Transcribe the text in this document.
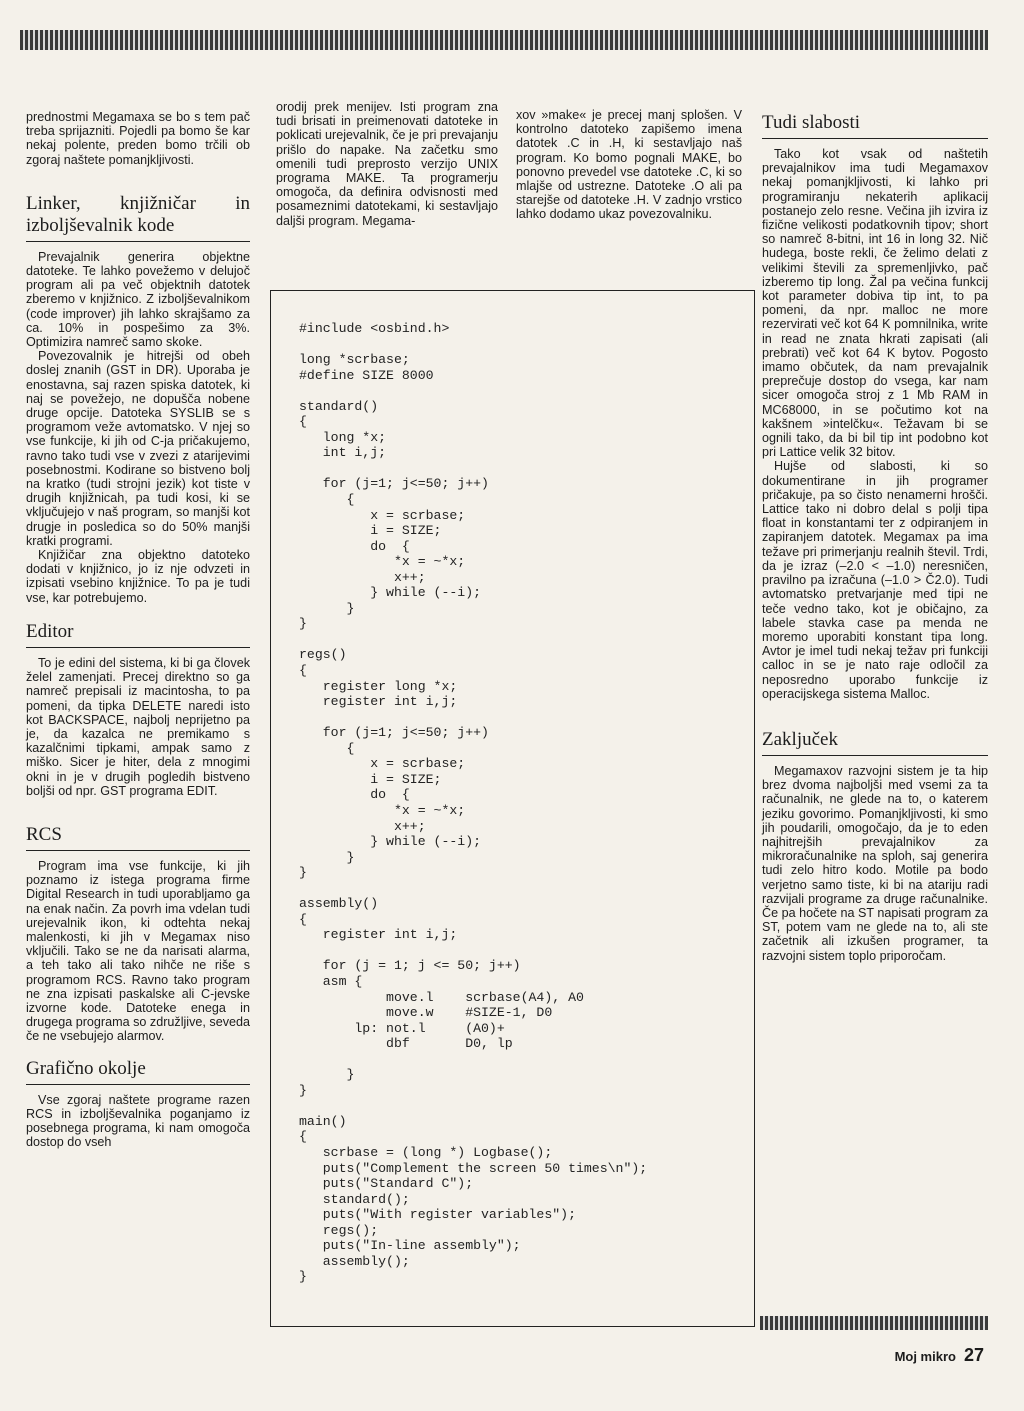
prednostmi Megamaxa se bo s tem pač treba sprijazniti. Pojedli pa bomo še kar nekaj polente, preden bomo trčili ob zgoraj naštete pomanjkljivosti.

Linker, knjižničar in izboljševalnik kode

Prevajalnik generira objektne datoteke. Te lahko povežemo v delujoč program ali pa več objektnih datotek zberemo v knjižnico. Z izboljševalnikom (code improver) jih lahko skrajšamo za ca. 10% in pospešimo za 3%. Optimizira namreč samo skoke.

Povezovalnik je hitrejši od obeh doslej znanih (GST in DR). Uporaba je enostavna, saj razen spiska datotek, ki naj se povežejo, ne dopušča nobene druge opcije. Datoteka SYSLIB se s programom veže avtomatsko. V njej so vse funkcije, ki jih od C-ja pričakujemo, ravno tako tudi vse v zvezi z atarijevimi posebnostmi. Kodirane so bistveno bolj na kratko (tudi strojni jezik) kot tiste v drugih knjižnicah, pa tudi kosi, ki se vključujejo v naš program, so manjši kot drugje in posledica so do 50% manjši kratki programi.

Knjižičar zna objektno datoteko dodati v knjižnico, jo iz nje odvzeti in izpisati vsebino knjižnice. To pa je tudi vse, kar potrebujemo.

Editor

To je edini del sistema, ki bi ga človek želel zamenjati. Precej direktno so ga namreč prepisali iz macintosha, to pa pomeni, da tipka DELETE naredi isto kot BACKSPACE, najbolj neprijetno pa je, da kazalca ne premikamo s kazalčnimi tipkami, ampak samo z miško. Sicer je hiter, dela z mnogimi okni in je v drugih pogledih bistveno boljši od npr. GST programa EDIT.

RCS

Program ima vse funkcije, ki jih poznamo iz istega programa firme Digital Research in tudi uporabljamo ga na enak način. Za povrh ima vdelan tudi urejevalnik ikon, ki odtehta nekaj malenkosti, ki jih v Megamax niso vključili. Tako se ne da narisati alarma, a teh tako ali tako nihče ne riše s programom RCS. Ravno tako program ne zna izpisati paskalske ali C-jevske izvorne kode. Datoteke enega in drugega programa so združljive, seveda če ne vsebujejo alarmov.

Grafično okolje

Vse zgoraj naštete programe razen RCS in izboljševalnika poganjamo iz posebnega programa, ki nam omogoča dostop do vseh

orodij prek menijev. Isti program zna tudi brisati in preimenovati datoteke in poklicati urejevalnik, če je pri prevajanju prišlo do napake. Na začetku smo omenili tudi preprosto verzijo UNIX programa MAKE. Ta programerju omogoča, da definira odvisnosti med posameznimi datotekami, ki sestavljajo daljši program. Megama-

xov »make« je precej manj splošen. V kontrolno datoteko zapišemo imena datotek .C in .H, ki sestavljajo naš program. Ko bomo pognali MAKE, bo ponovno prevedel vse datoteke .C, ki so mlajše od ustrezne. Datoteke .O ali pa starejše od datoteke .H. V zadnjo vrstico lahko dodamo ukaz povezovalniku.

Tudi slabosti

Tako kot vsak od naštetih prevajalnikov ima tudi Megamaxov nekaj pomanjkljivosti, ki lahko pri programiranju nekaterih aplikacij postanejo zelo resne. Večina jih izvira iz fizične velikosti podatkovnih tipov; short so namreč 8-bitni, int 16 in long 32. Nič hudega, boste rekli, če želimo delati z velikimi števili za spremenljivko, pač izberemo tip long. Žal pa večina funkcij kot parameter dobiva tip int, to pa pomeni, da npr. malloc ne more rezervirati več kot 64 K pomnilnika, write in read ne znata hkrati zapisati (ali prebrati) več kot 64 K bytov. Pogosto imamo občutek, da nam prevajalnik preprečuje dostop do vsega, kar nam sicer omogoča stroj z 1 Mb RAM in MC68000, in se počutimo kot na kakšnem »intelčku«. Težavam bi se ognili tako, da bi bil tip int podobno kot pri Lattice velik 32 bitov.

Hujše od slabosti, ki so dokumentirane in jih programer pričakuje, pa so čisto nenamerni hrošči. Lattice tako ni dobro delal s polji tipa float in konstantami ter z odpiranjem in zapiranjem datotek. Megamax pa ima težave pri primerjanju realnih števil. Trdi, da je izraz (–2.0 < –1.0) neresničen, pravilno pa izračuna (–1.0 > Č2.0). Tudi avtomatsko pretvarjanje med tipi ne teče vedno tako, kot je običajno, za labele stavka case pa menda ne moremo uporabiti konstant tipa long. Avtor je imel tudi nekaj težav pri funkciji calloc in se je nato raje odločil za neposredno uporabo funkcije iz operacijskega sistema Malloc.

Zaključek

Megamaxov razvojni sistem je ta hip brez dvoma najboljši med vsemi za ta računalnik, ne glede na to, o katerem jeziku govorimo. Pomanjkljivosti, ki smo jih poudarili, omogočajo, da je to eden najhitrejših prevajalnikov za mikroračunalnike na sploh, saj generira tudi zelo hitro kodo. Motile pa bodo verjetno samo tiste, ki bi na atariju radi razvijali programe za druge računalnike. Če pa hočete na ST napisati program za ST, potem vam ne glede na to, ali ste začetnik ali izkušen programer, ta razvojni sistem toplo priporočam.

#include <osbind.h>

long *scrbase;
#define SIZE 8000

standard()
{
long *x;
int i,j;

for (j=1; j<=50; j++)
{
x = scrbase;
i = SIZE;
do  {
*x = ~*x;
x++;
} while (--i);
}
}

regs()
{
register long *x;
register int i,j;

for (j=1; j<=50; j++)
{
x = scrbase;
i = SIZE;
do  {
*x = ~*x;
x++;
} while (--i);
}
}

assembly()
{
register int i,j;

for (j = 1; j <= 50; j++)
asm {
move.l    scrbase(A4), A0
move.w    #SIZE-1, D0
lp: not.l     (A0)+
dbf       D0, lp

}
}

main()
{
scrbase = (long *) Logbase();
puts("Complement the screen 50 times\n");
puts("Standard C");
standard();
puts("With register variables");
regs();
puts("In-line assembly");
assembly();
}
Moj mikro 27
